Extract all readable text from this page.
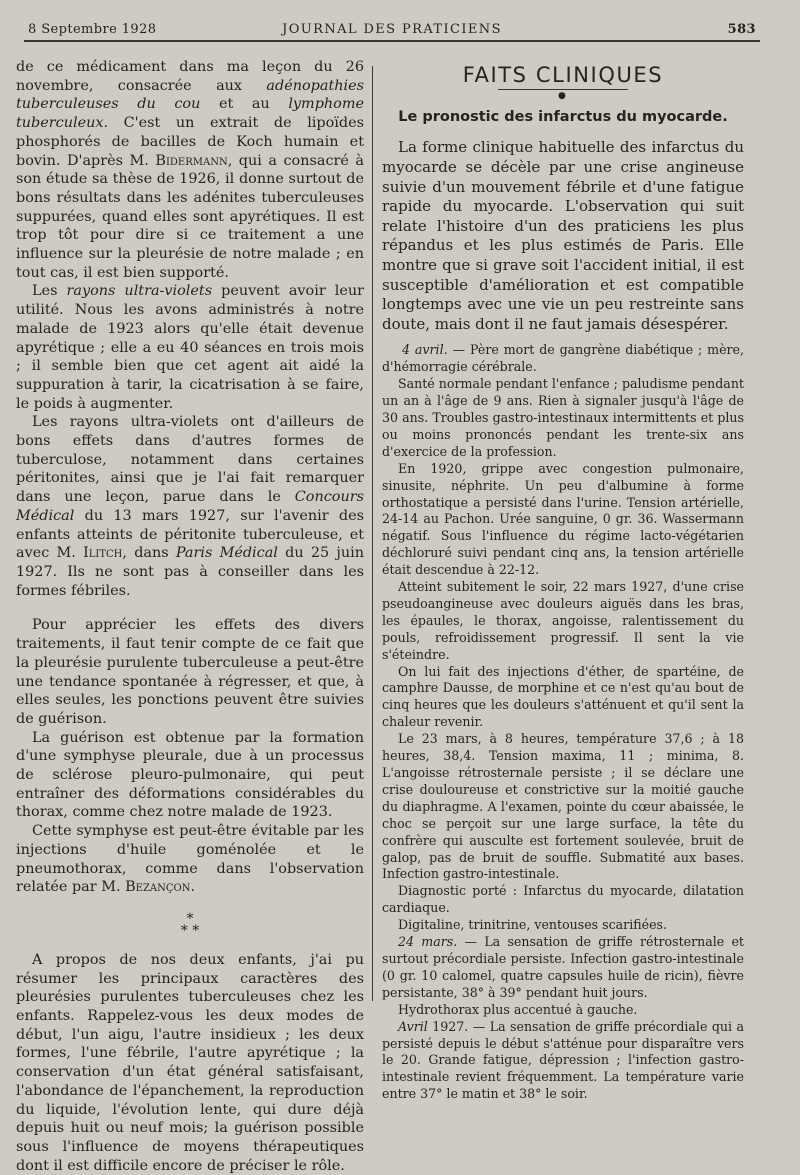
8 Septembre 1928	JOURNAL DES PRATICIENS	583

de ce médicament dans ma leçon du 26 novembre, consacrée aux adénopathies tuberculeuses du cou et au lymphome tuberculeux. C'est un extrait de lipoïdes phosphorés de bacilles de Koch humain et bovin. D'après M. Bidermann, qui a consacré à son étude sa thèse de 1926, il donne surtout de bons résultats dans les adénites tuberculeuses suppurées, quand elles sont apyrétiques. Il est trop tôt pour dire si ce traitement a une influence sur la pleurésie de notre malade ; en tout cas, il est bien supporté.

Les rayons ultra-violets peuvent avoir leur utilité. Nous les avons administrés à notre malade de 1923 alors qu'elle était devenue apyrétique ; elle a eu 40 séances en trois mois ; il semble bien que cet agent ait aidé la suppuration à tarir, la cicatrisation à se faire, le poids à augmenter.

Les rayons ultra-violets ont d'ailleurs de bons effets dans d'autres formes de tuberculose, notamment dans certaines péritonites, ainsi que je l'ai fait remarquer dans une leçon, parue dans le Concours Médical du 13 mars 1927, sur l'avenir des enfants atteints de péritonite tuberculeuse, et avec M. Ilitch, dans Paris Médical du 25 juin 1927. Ils ne sont pas à conseiller dans les formes fébriles.

Pour apprécier les effets des divers traitements, il faut tenir compte de ce fait que la pleurésie purulente tuberculeuse a peut-être une tendance spontanée à régresser, et que, à elles seules, les ponctions peuvent être suivies de guérison.

La guérison est obtenue par la formation d'une symphyse pleurale, due à un processus de sclérose pleuro-pulmonaire, qui peut entraîner des déformations considérables du thorax, comme chez notre malade de 1923.

Cette symphyse est peut-être évitable par les injections d'huile goménolée et le pneumothorax, comme dans l'observation relatée par M. Bezançon.

*
* *

A propos de nos deux enfants, j'ai pu résumer les principaux caractères des pleurésies purulentes tuberculeuses chez les enfants. Rappelez-vous les deux modes de début, l'un aigu, l'autre insidieux ; les deux formes, l'une fébrile, l'autre apyrétique ; la conservation d'un état général satisfaisant, l'abondance de l'épanchement, la reproduction du liquide, l'évolution lente, qui dure déjà depuis huit ou neuf mois; la guérison possible sous l'influence de moyens thérapeutiques dont il est difficile encore de préciser le rôle.

FAITS CLINIQUES
●
Le pronostic des infarctus du myocarde.

La forme clinique habituelle des infarctus du myocarde se décèle par une crise angineuse suivie d'un mouvement fébrile et d'une fatigue rapide du myocarde. L'observation qui suit relate l'histoire d'un des praticiens les plus répandus et les plus estimés de Paris. Elle montre que si grave soit l'accident initial, il est susceptible d'amélioration et est compatible longtemps avec une vie un peu restreinte sans doute, mais dont il ne faut jamais désespérer.

4 avril. — Père mort de gangrène diabétique ; mère, d'hémorragie cérébrale.

Santé normale pendant l'enfance ; paludisme pendant un an à l'âge de 9 ans. Rien à signaler jusqu'à l'âge de 30 ans. Troubles gastro-intestinaux intermittents et plus ou moins prononcés pendant les trente-six ans d'exercice de la profession.

En 1920, grippe avec congestion pulmonaire, sinusite, néphrite. Un peu d'albumine à forme orthostatique a persisté dans l'urine. Tension artérielle, 24-14 au Pachon. Urée sanguine, 0 gr. 36. Wassermann négatif. Sous l'influence du régime lacto-végétarien déchloruré suivi pendant cinq ans, la tension artérielle était descendue à 22-12.

Atteint subitement le soir, 22 mars 1927, d'une crise pseudoangineuse avec douleurs aiguës dans les bras, les épaules, le thorax, angoisse, ralentissement du pouls, refroidissement progressif. Il sent la vie s'éteindre.

On lui fait des injections d'éther, de spartéine, de camphre Dausse, de morphine et ce n'est qu'au bout de cinq heures que les douleurs s'atténuent et qu'il sent la chaleur revenir.

Le 23 mars, à 8 heures, température 37,6 ; à 18 heures, 38,4. Tension maxima, 11 ; minima, 8. L'angoisse rétrosternale persiste ; il se déclare une crise douloureuse et constrictive sur la moitié gauche du diaphragme. A l'examen, pointe du cœur abaissée, le choc se perçoit sur une large surface, la tête du confrère qui ausculte est fortement soulevée, bruit de galop, pas de bruit de souffle. Submatité aux bases. Infection gastro-intestinale.

Diagnostic porté : Infarctus du myocarde, dilatation cardiaque.

Digitaline, trinitrine, ventouses scarifiées.

24 mars. — La sensation de griffe rétrosternale et surtout précordiale persiste. Infection gastro-intestinale (0 gr. 10 calomel, quatre capsules huile de ricin), fièvre persistante, 38° à 39° pendant huit jours.

Hydrothorax plus accentué à gauche.

Avril 1927. — La sensation de griffe précordiale qui a persisté depuis le début s'atténue pour disparaître vers le 20. Grande fatigue, dépression ; l'infection gastro-intestinale revient fréquemment. La température varie entre 37° le matin et 38° le soir.
